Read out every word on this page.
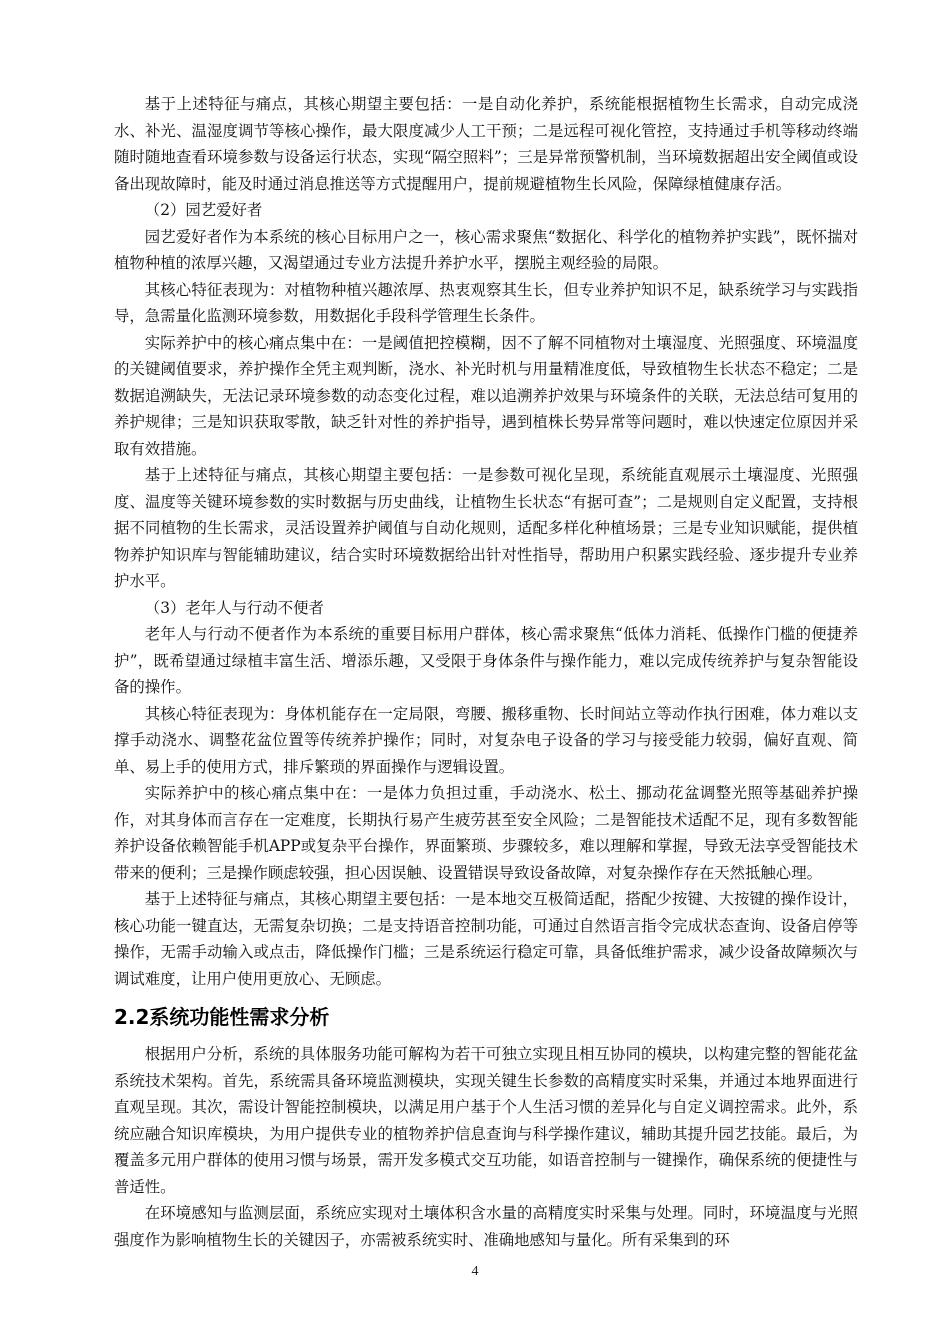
基于上述特征与痛点，其核心期望主要包括：一是自动化养护，系统能根据植物生长需求，自动完成浇水、补光、温湿度调节等核心操作，最大限度减少人工干预；二是远程可视化管控，支持通过手机等移动终端随时随地查看环境参数与设备运行状态，实现“隔空照料”；三是异常预警机制，当环境数据超出安全阈值或设备出现故障时，能及时通过消息推送等方式提醒用户，提前规避植物生长风险，保障绿植健康存活。

（2）园艺爱好者

园艺爱好者作为本系统的核心目标用户之一，核心需求聚焦“数据化、科学化的植物养护实践”，既怀揣对植物种植的浓厚兴趣，又渴望通过专业方法提升养护水平，摆脱主观经验的局限。

其核心特征表现为：对植物种植兴趣浓厚、热衷观察其生长，但专业养护知识不足，缺系统学习与实践指导，急需量化监测环境参数，用数据化手段科学管理生长条件。

实际养护中的核心痛点集中在：一是阈值把控模糊，因不了解不同植物对土壤湿度、光照强度、环境温度的关键阈值要求，养护操作全凭主观判断，浇水、补光时机与用量精准度低，导致植物生长状态不稳定；二是数据追溯缺失，无法记录环境参数的动态变化过程，难以追溯养护效果与环境条件的关联，无法总结可复用的养护规律；三是知识获取零散，缺乏针对性的养护指导，遇到植株长势异常等问题时，难以快速定位原因并采取有效措施。

基于上述特征与痛点，其核心期望主要包括：一是参数可视化呈现，系统能直观展示土壤湿度、光照强度、温度等关键环境参数的实时数据与历史曲线，让植物生长状态“有据可查”；二是规则自定义配置，支持根据不同植物的生长需求，灵活设置养护阈值与自动化规则，适配多样化种植场景；三是专业知识赋能，提供植物养护知识库与智能辅助建议，结合实时环境数据给出针对性指导，帮助用户积累实践经验、逐步提升专业养护水平。

（3）老年人与行动不便者

老年人与行动不便者作为本系统的重要目标用户群体，核心需求聚焦“低体力消耗、低操作门槛的便捷养护”，既希望通过绿植丰富生活、增添乐趣，又受限于身体条件与操作能力，难以完成传统养护与复杂智能设备的操作。

其核心特征表现为：身体机能存在一定局限，弯腰、搬移重物、长时间站立等动作执行困难，体力难以支撑手动浇水、调整花盆位置等传统养护操作；同时，对复杂电子设备的学习与接受能力较弱，偏好直观、简单、易上手的使用方式，排斥繁琐的界面操作与逻辑设置。

实际养护中的核心痛点集中在：一是体力负担过重，手动浇水、松土、挪动花盆调整光照等基础养护操作，对其身体而言存在一定难度，长期执行易产生疲劳甚至安全风险；二是智能技术适配不足，现有多数智能养护设备依赖智能手机APP或复杂平台操作，界面繁琐、步骤较多，难以理解和掌握，导致无法享受智能技术带来的便利；三是操作顾虑较强，担心因误触、设置错误导致设备故障，对复杂操作存在天然抵触心理。

基于上述特征与痛点，其核心期望主要包括：一是本地交互极简适配，搭配少按键、大按键的操作设计，核心功能一键直达，无需复杂切换；二是支持语音控制功能，可通过自然语言指令完成状态查询、设备启停等操作，无需手动输入或点击，降低操作门槛；三是系统运行稳定可靠，具备低维护需求，减少设备故障频次与调试难度，让用户使用更放心、无顾虑。

2.2系统功能性需求分析

根据用户分析，系统的具体服务功能可解构为若干可独立实现且相互协同的模块，以构建完整的智能花盆系统技术架构。首先，系统需具备环境监测模块，实现关键生长参数的高精度实时采集，并通过本地界面进行直观呈现。其次，需设计智能控制模块，以满足用户基于个人生活习惯的差异化与自定义调控需求。此外，系统应融合知识库模块，为用户提供专业的植物养护信息查询与科学操作建议，辅助其提升园艺技能。最后，为覆盖多元用户群体的使用习惯与场景，需开发多模式交互功能，如语音控制与一键操作，确保系统的便捷性与普适性。

在环境感知与监测层面，系统应实现对土壤体积含水量的高精度实时采集与处理。同时，环境温度与光照强度作为影响植物生长的关键因子，亦需被系统实时、准确地感知与量化。所有采集到的环

4
